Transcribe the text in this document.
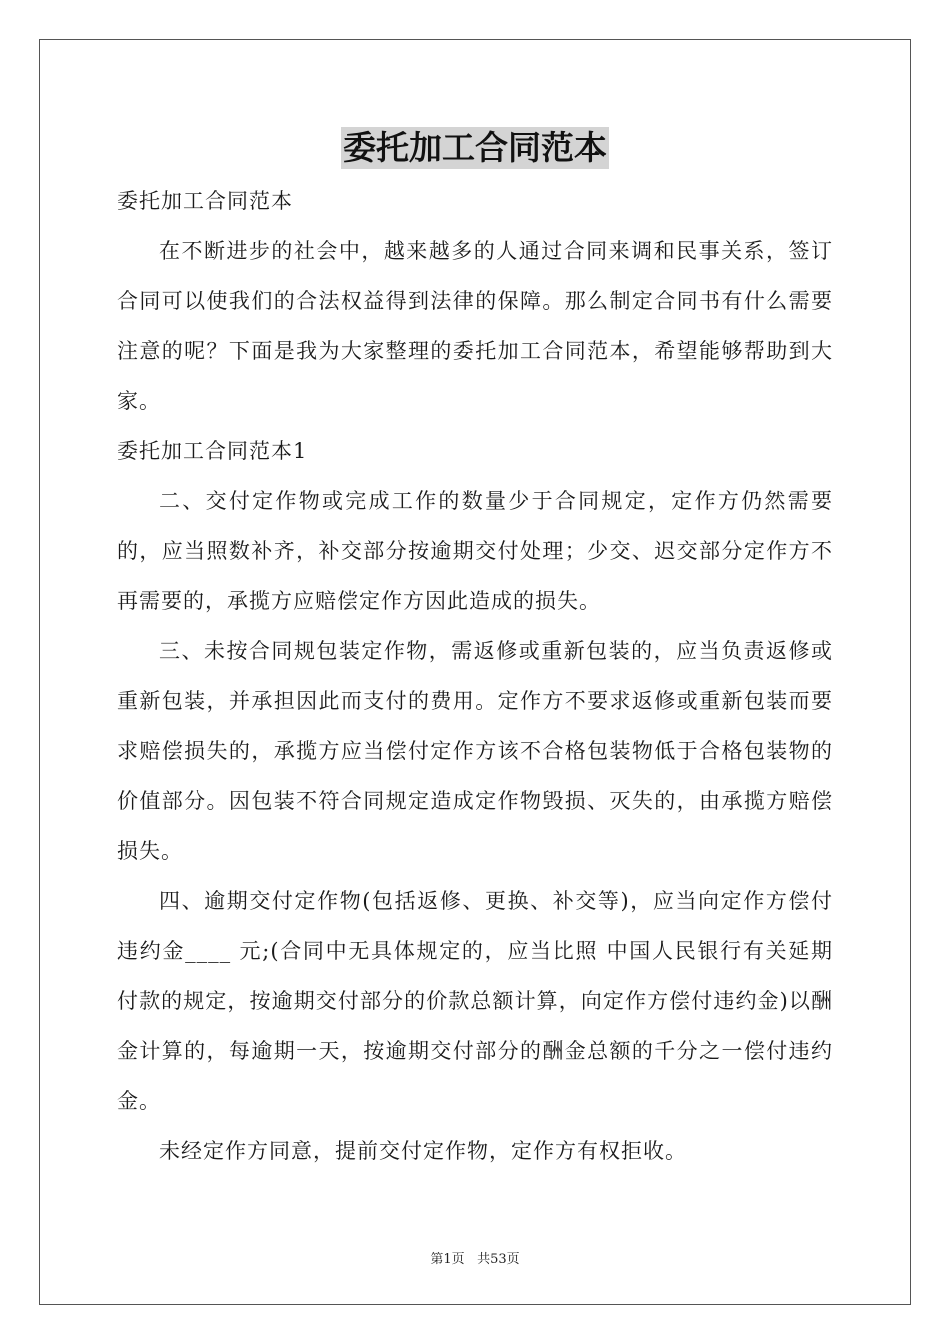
委托加工合同范本

委托加工合同范本

在不断进步的社会中，越来越多的人通过合同来调和民事关系，签订合同可以使我们的合法权益得到法律的保障。那么制定合同书有什么需要注意的呢？下面是我为大家整理的委托加工合同范本，希望能够帮助到大家。

委托加工合同范本1

二、交付定作物或完成工作的数量少于合同规定，定作方仍然需要的，应当照数补齐，补交部分按逾期交付处理；少交、迟交部分定作方不再需要的，承揽方应赔偿定作方因此造成的损失。

三、未按合同规包装定作物，需返修或重新包装的，应当负责返修或重新包装，并承担因此而支付的费用。定作方不要求返修或重新包装而要求赔偿损失的，承揽方应当偿付定作方该不合格包装物低于合格包装物的价值部分。因包装不符合同规定造成定作物毁损、灭失的，由承揽方赔偿损失。

四、逾期交付定作物(包括返修、更换、补交等)，应当向定作方偿付违约金____ 元;(合同中无具体规定的，应当比照 中国人民银行有关延期付款的规定，按逾期交付部分的价款总额计算，向定作方偿付违约金)以酬金计算的，每逾期一天，按逾期交付部分的酬金总额的千分之一偿付违约金。

未经定作方同意，提前交付定作物，定作方有权拒收。

第1页 共53页
